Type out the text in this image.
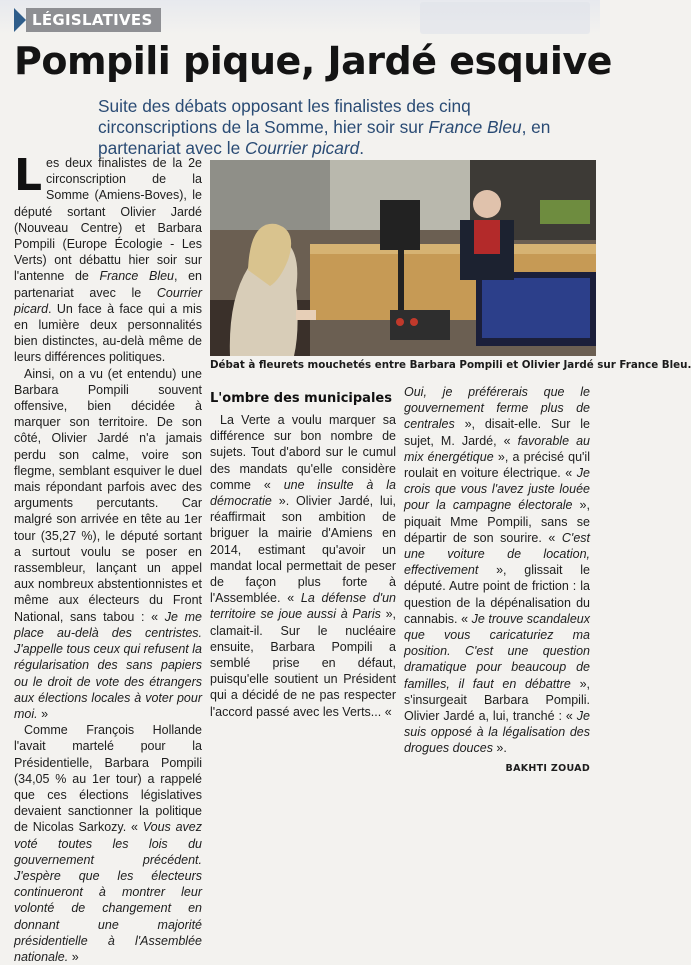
LÉGISLATIVES
Pompili pique, Jardé esquive

Suite des débats opposant les finalistes des cinq circonscriptions de la Somme, hier soir sur France Bleu, en partenariat avec le Courrier picard.

Débat à fleurets mouchetés entre Barbara Pompili et Olivier Jardé sur France Bleu.

Les deux finalistes de la 2e circonscription de la Somme (Amiens-Boves), le député sortant Olivier Jardé (Nouveau Centre) et Barbara Pompili (Europe Écologie - Les Verts) ont débattu hier soir sur l'antenne de France Bleu, en partenariat avec le Courrier picard. Un face à face qui a mis en lumière deux personnalités bien distinctes, au-delà même de leurs différences politiques.

Ainsi, on a vu (et entendu) une Barbara Pompili souvent offensive, bien décidée à marquer son territoire. De son côté, Olivier Jardé n'a jamais perdu son calme, voire son flegme, semblant esquiver le duel mais répondant parfois avec des arguments percutants. Car malgré son arrivée en tête au 1er tour (35,27 %), le député sortant a surtout voulu se poser en rassembleur, lançant un appel aux nombreux abstentionnistes et même aux électeurs du Front National, sans tabou : « Je me place au-delà des centristes. J'appelle tous ceux qui refusent la régularisation des sans papiers ou le droit de vote des étrangers aux élections locales à voter pour moi. »

Comme François Hollande l'avait martelé pour la Présidentielle, Barbara Pompili (34,05 % au 1er tour) a rappelé que ces élections législatives devaient sanctionner la politique de Nicolas Sarkozy. « Vous avez voté toutes les lois du gouvernement précédent. J'espère que les électeurs continueront à montrer leur volonté de changement en donnant une majorité présidentielle à l'Assemblée nationale. »

L'ombre des municipales

La Verte a voulu marquer sa différence sur bon nombre de sujets. Tout d'abord sur le cumul des mandats qu'elle considère comme « une insulte à la démocratie ». Olivier Jardé, lui, réaffirmait son ambition de briguer la mairie d'Amiens en 2014, estimant qu'avoir un mandat local permettait de peser de façon plus forte à l'Assemblée. « La défense d'un territoire se joue aussi à Paris », clamait-il. Sur le nucléaire ensuite, Barbara Pompili a semblé prise en défaut, puisqu'elle soutient un Président qui a décidé de ne pas respecter l'accord passé avec les Verts... «

Oui, je préférerais que le gouvernement ferme plus de centrales », disait-elle. Sur le sujet, M. Jardé, « favorable au mix énergétique », a précisé qu'il roulait en voiture électrique. « Je crois que vous l'avez juste louée pour la campagne électorale », piquait Mme Pompili, sans se départir de son sourire. « C'est une voiture de location, effectivement », glissait le député. Autre point de friction : la question de la dépénalisation du cannabis. « Je trouve scandaleux que vous caricaturiez ma position. C'est une question dramatique pour beaucoup de familles, il faut en débattre », s'insurgeait Barbara Pompili. Olivier Jardé a, lui, tranché : « Je suis opposé à la légalisation des drogues douces ».

BAKHTI ZOUAD
